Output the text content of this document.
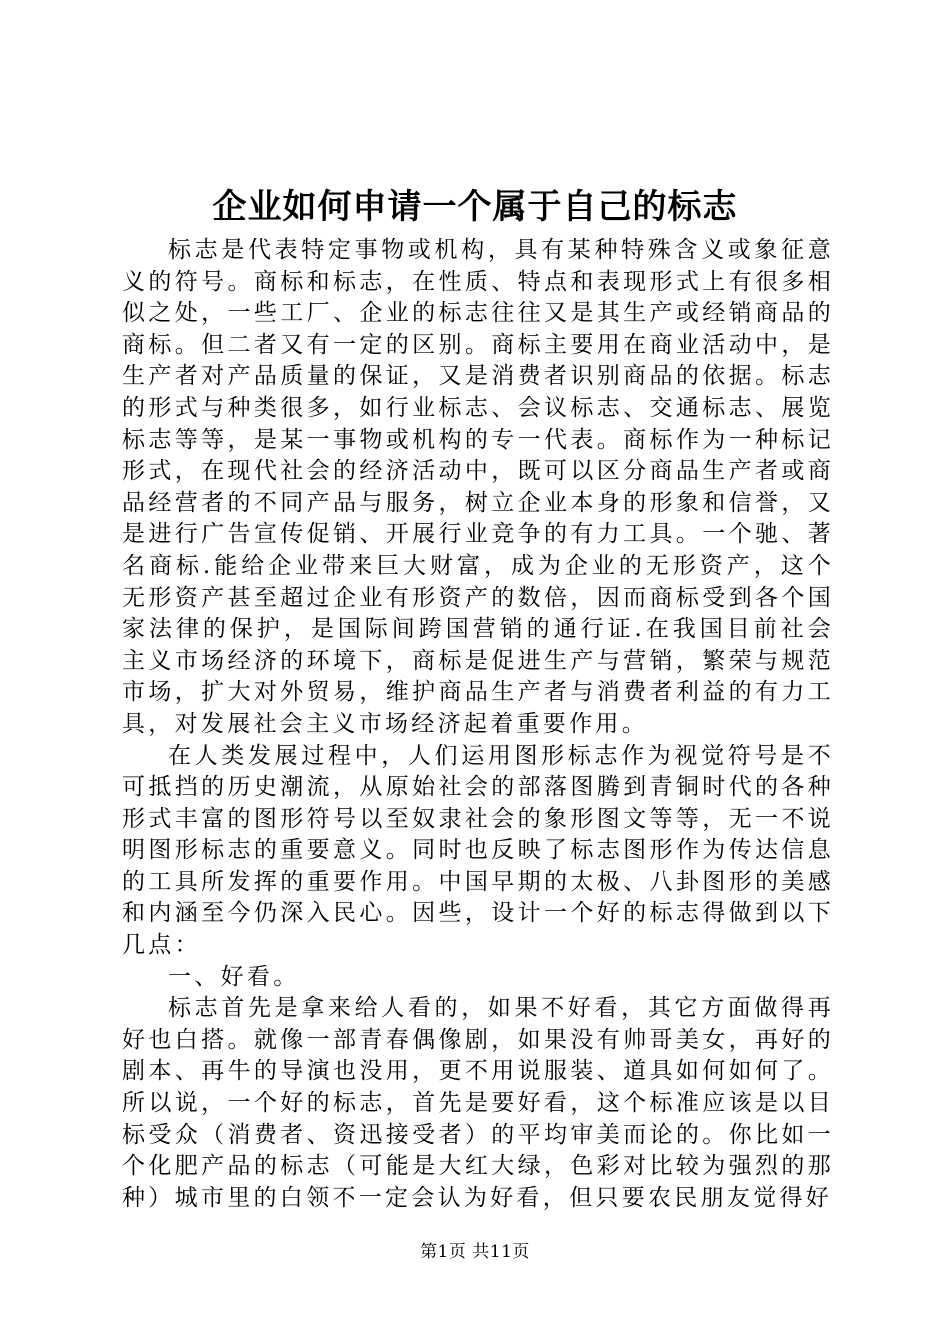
企业如何申请一个属于自己的标志

标志是代表特定事物或机构，具有某种特殊含义或象征意义的符号。商标和标志，在性质、特点和表现形式上有很多相似之处，一些工厂、企业的标志往往又是其生产或经销商品的商标。但二者又有一定的区别。商标主要用在商业活动中，是生产者对产品质量的保证，又是消费者识别商品的依据。标志的形式与种类很多，如行业标志、会议标志、交通标志、展览标志等等，是某一事物或机构的专一代表。商标作为一种标记形式，在现代社会的经济活动中，既可以区分商品生产者或商品经营者的不同产品与服务，树立企业本身的形象和信誉，又是进行广告宣传促销、开展行业竞争的有力工具。一个驰、著名商标.能给企业带来巨大财富，成为企业的无形资产，这个无形资产甚至超过企业有形资产的数倍，因而商标受到各个国家法律的保护，是国际间跨国营销的通行证.在我国目前社会主义市场经济的环境下，商标是促进生产与营销，繁荣与规范市场，扩大对外贸易，维护商品生产者与消费者利益的有力工具，对发展社会主义市场经济起着重要作用。

在人类发展过程中，人们运用图形标志作为视觉符号是不可抵挡的历史潮流，从原始社会的部落图腾到青铜时代的各种形式丰富的图形符号以至奴隶社会的象形图文等等，无一不说明图形标志的重要意义。同时也反映了标志图形作为传达信息的工具所发挥的重要作用。中国早期的太极、八卦图形的美感和内涵至今仍深入民心。因些，设计一个好的标志得做到以下几点：

一、好看。

标志首先是拿来给人看的，如果不好看，其它方面做得再好也白搭。就像一部青春偶像剧，如果没有帅哥美女，再好的剧本、再牛的导演也没用，更不用说服装、道具如何如何了。所以说，一个好的标志，首先是要好看，这个标准应该是以目标受众（消费者、资迅接受者）的平均审美而论的。你比如一个化肥产品的标志（可能是大红大绿，色彩对比较为强烈的那种）城市里的白领不一定会认为好看，但只要农民朋友觉得好

第1页 共11页
